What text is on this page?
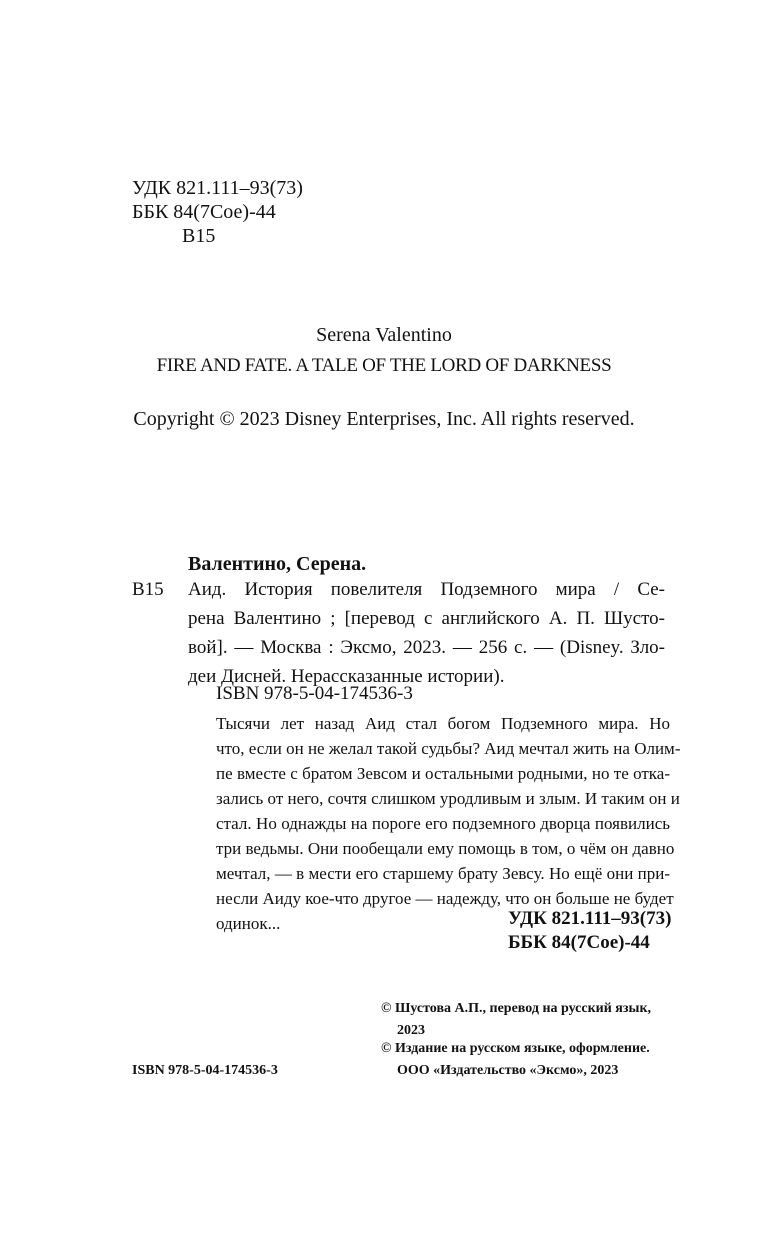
УДК 821.111–93(73)
ББК 84(7Сое)-44
В15
Serena Valentino
FIRE AND FATE. A TALE OF THE LORD OF DARKNESS
Copyright © 2023 Disney Enterprises, Inc. All rights reserved.
Валентино, Серена.
В15 Аид. История повелителя Подземного мира / Се-
рена Валентино ; [перевод с английского А. П. Шусто-
вой]. — Москва : Эксмо, 2023. — 256 с. — (Disney. Зло-
деи Дисней. Нерассказанные истории).
ISBN 978-5-04-174536-3
Тысячи лет назад Аид стал богом Подземного мира. Но
что, если он не желал такой судьбы? Аид мечтал жить на Олим-
пе вместе с братом Зевсом и остальными родными, но те отка-
зались от него, сочтя слишком уродливым и злым. И таким он и
стал. Но однажды на пороге его подземного дворца появились
три ведьмы. Они пообещали ему помощь в том, о чём он давно
мечтал, — в мести его старшему брату Зевсу. Но ещё они при-
несли Аиду кое-что другое — надежду, что он больше не будет
одинок...	УДК 821.111–93(73)
ББК 84(7Сое)-44
© Шустова А.П., перевод на русский язык,
2023
© Издание на русском языке, оформление.
ООО «Издательство «Эксмо», 2023
ISBN 978-5-04-174536-3
